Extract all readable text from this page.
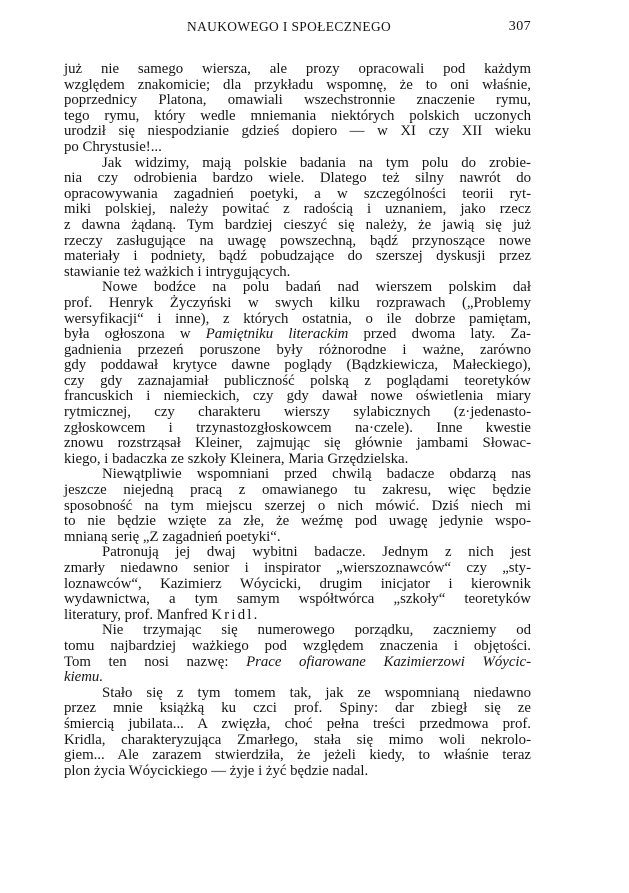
NAUKOWEGO I SPOŁECZNEGO	307
już nie samego wiersza, ale prozy opracowali pod każdym
względem znakomicie; dla przykładu wspomnę, że to oni właśnie,
poprzednicy Platona, omawiali wszechstronnie znaczenie rymu,
tego rymu, który wedle mniemania niektórych polskich uczonych
urodził się niespodzianie gdzieś dopiero — w XI czy XII wieku
po Chrystusie!...
Jak widzimy, mają polskie badania na tym polu do zrobie-
nia czy odrobienia bardzo wiele. Dlatego też silny nawrót do
opracowywania zagadnień poetyki, a w szczególności teorii ryt-
miki polskiej, należy powitać z radością i uznaniem, jako rzecz
z dawna żądaną. Tym bardziej cieszyć się należy, że jawią się już
rzeczy zasługujące na uwagę powszechną, bądź przynoszące nowe
materiały i podniety, bądź pobudzające do szerszej dyskusji przez
stawianie też ważkich i intrygujących.
Nowe bodźce na polu badań nad wierszem polskim dał
prof. Henryk Życzyński w swych kilku rozprawach („Problemy
wersyfikacji“ i inne), z których ostatnia, o ile dobrze pamiętam,
była ogłoszona w Pamiętniku literackim przed dwoma laty. Za-
gadnienia przezeń poruszone były różnorodne i ważne, zarówno
gdy poddawał krytyce dawne poglądy (Bądzkiewicza, Małeckiego),
czy gdy zaznajamiał publiczność polską z poglądami teoretyków
francuskich i niemieckich, czy gdy dawał nowe oświetlenia miary
rytmicznej, czy charakteru wierszy sylabicznych (z·jedenasto-
zgłoskowcem i trzynastozgłoskowcem na·czele). Inne kwestie
znowu rozstrząsał Kleiner, zajmując się głównie jambami Słowac-
kiego, i badaczka ze szkoły Kleinera, Maria Grzędzielska.
Niewątpliwie wspomniani przed chwilą badacze obdarzą nas
jeszcze niejedną pracą z omawianego tu zakresu, więc będzie
sposobność na tym miejscu szerzej o nich mówić. Dziś niech mi
to nie będzie wzięte za złe, że weźmę pod uwagę jedynie wspo-
mnianą serię „Z zagadnień poetyki“.
Patronują jej dwaj wybitni badacze. Jednym z nich jest
zmarły niedawno senior i inspirator „wierszoznawców“ czy „sty-
loznawców“, Kazimierz Wóycicki, drugim inicjator i kierownik
wydawnictwa, a tym samym współtwórca „szkoły“ teoretyków
literatury, prof. Manfred Kridl.
Nie trzymając się numerowego porządku, zaczniemy od
tomu najbardziej ważkiego pod względem znaczenia i objętości.
Tom ten nosi nazwę: Prace ofiarowane Kazimierzowi Wóycic-
kiemu.
Stało się z tym tomem tak, jak ze wspomnianą niedawno
przez mnie książką ku czci prof. Spiny: dar zbiegł się ze
śmiercią jubilata... A zwięzła, choć pełna treści przedmowa prof.
Kridla, charakteryzująca Zmarłego, stała się mimo woli nekrolo-
giem... Ale zarazem stwierdziła, że jeżeli kiedy, to właśnie teraz
plon życia Wóycickiego — żyje i żyć będzie nadal.
